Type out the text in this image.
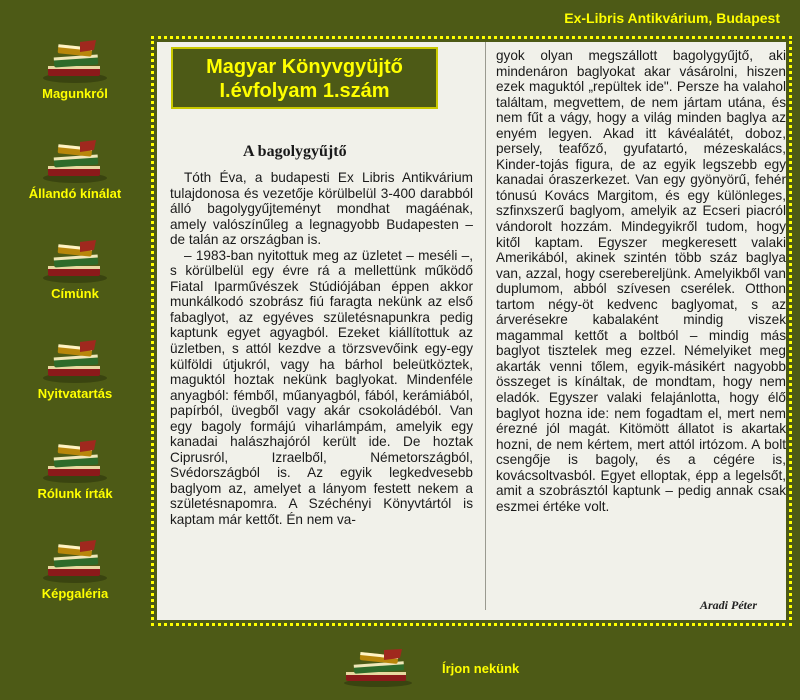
Ex-Libris Antikvárium, Budapest
Magunkról
Állandó kínálat
Címünk
Nyitvatartás
Rólunk írták
Képgaléria
Magyar Könyvgyüjtő
I.évfolyam 1.szám
A bagolygyűjtő

Tóth Éva, a budapesti Ex Libris Antikvárium tulajdonosa és vezetője körülbelül 3-400 darabból álló bagolygyűjteményt mondhat magáénak, amely valószínűleg a legnagyobb Budapesten – de talán az országban is.

– 1983-ban nyitottuk meg az üzletet – meséli –, s körülbelül egy évre rá a mellettünk működő Fiatal Iparművészek Stúdiójában éppen akkor munkálkodó szobrász fiú faragta nekünk az első fabaglyot, az egyéves születésnapunkra pedig kaptunk egyet agyagból. Ezeket kiállítottuk az üzletben, s attól kezdve a törzsvevőink egy-egy külföldi útjukról, vagy ha bárhol beleütköztek, maguktól hoztak nekünk baglyokat. Mindenféle anyagból: fémből, műanyagból, fából, kerámiából, papírból, üvegből vagy akár csokoládéból. Van egy bagoly formájú viharlámpám, amelyik egy kanadai halászhajóról került ide. De hoztak Ciprusról, Izraelből, Németországból, Svédországból is. Az egyik legkedvesebb baglyom az, amelyet a lányom festett nekem a születésnapomra. A Széchényi Könyvtártól is kaptam már kettőt. Én nem va-

gyok olyan megszállott bagolygyűjtő, aki mindenáron baglyokat akar vásárolni, hiszen ezek maguktól „repültek ide". Persze ha valahol találtam, megvettem, de nem jártam utána, és nem fűt a vágy, hogy a világ minden baglya az enyém legyen. Akad itt kávéalátét, doboz, persely, teafőző, gyufatartó, mézeskalács, Kinder-tojás figura, de az egyik legszebb egy kanadai óraszerkezet. Van egy gyönyörű, fehér tónusú Kovács Margitom, és egy különleges, szfinxszerű baglyom, amelyik az Ecseri piacról vándorolt hozzám. Mindegyikről tudom, hogy kitől kaptam. Egyszer megkeresett valaki Amerikából, akinek szintén több száz baglya van, azzal, hogy cserebereljünk. Amelyikből van duplumom, abból szívesen cserélek. Otthon tartom négy-öt kedvenc baglyomat, s az árverésekre kabalaként mindig viszek magammal kettőt a boltból – mindig más baglyot tisztelek meg ezzel. Némelyiket meg akarták venni tőlem, egyik-másikért nagyobb összeget is kínáltak, de mondtam, hogy nem eladók. Egyszer valaki felajánlotta, hogy élő baglyot hozna ide: nem fogadtam el, mert nem érezné jól magát. Kitömött állatot is akartak hozni, de nem kértem, mert attól irtózom. A bolt csengője is bagoly, és a cégére is, kovácsoltvasból. Egyet elloptak, épp a legelsőt, amit a szobrásztól kaptunk – pedig annak csak eszmei értéke volt.

Aradi Péter
Írjon nekünk
